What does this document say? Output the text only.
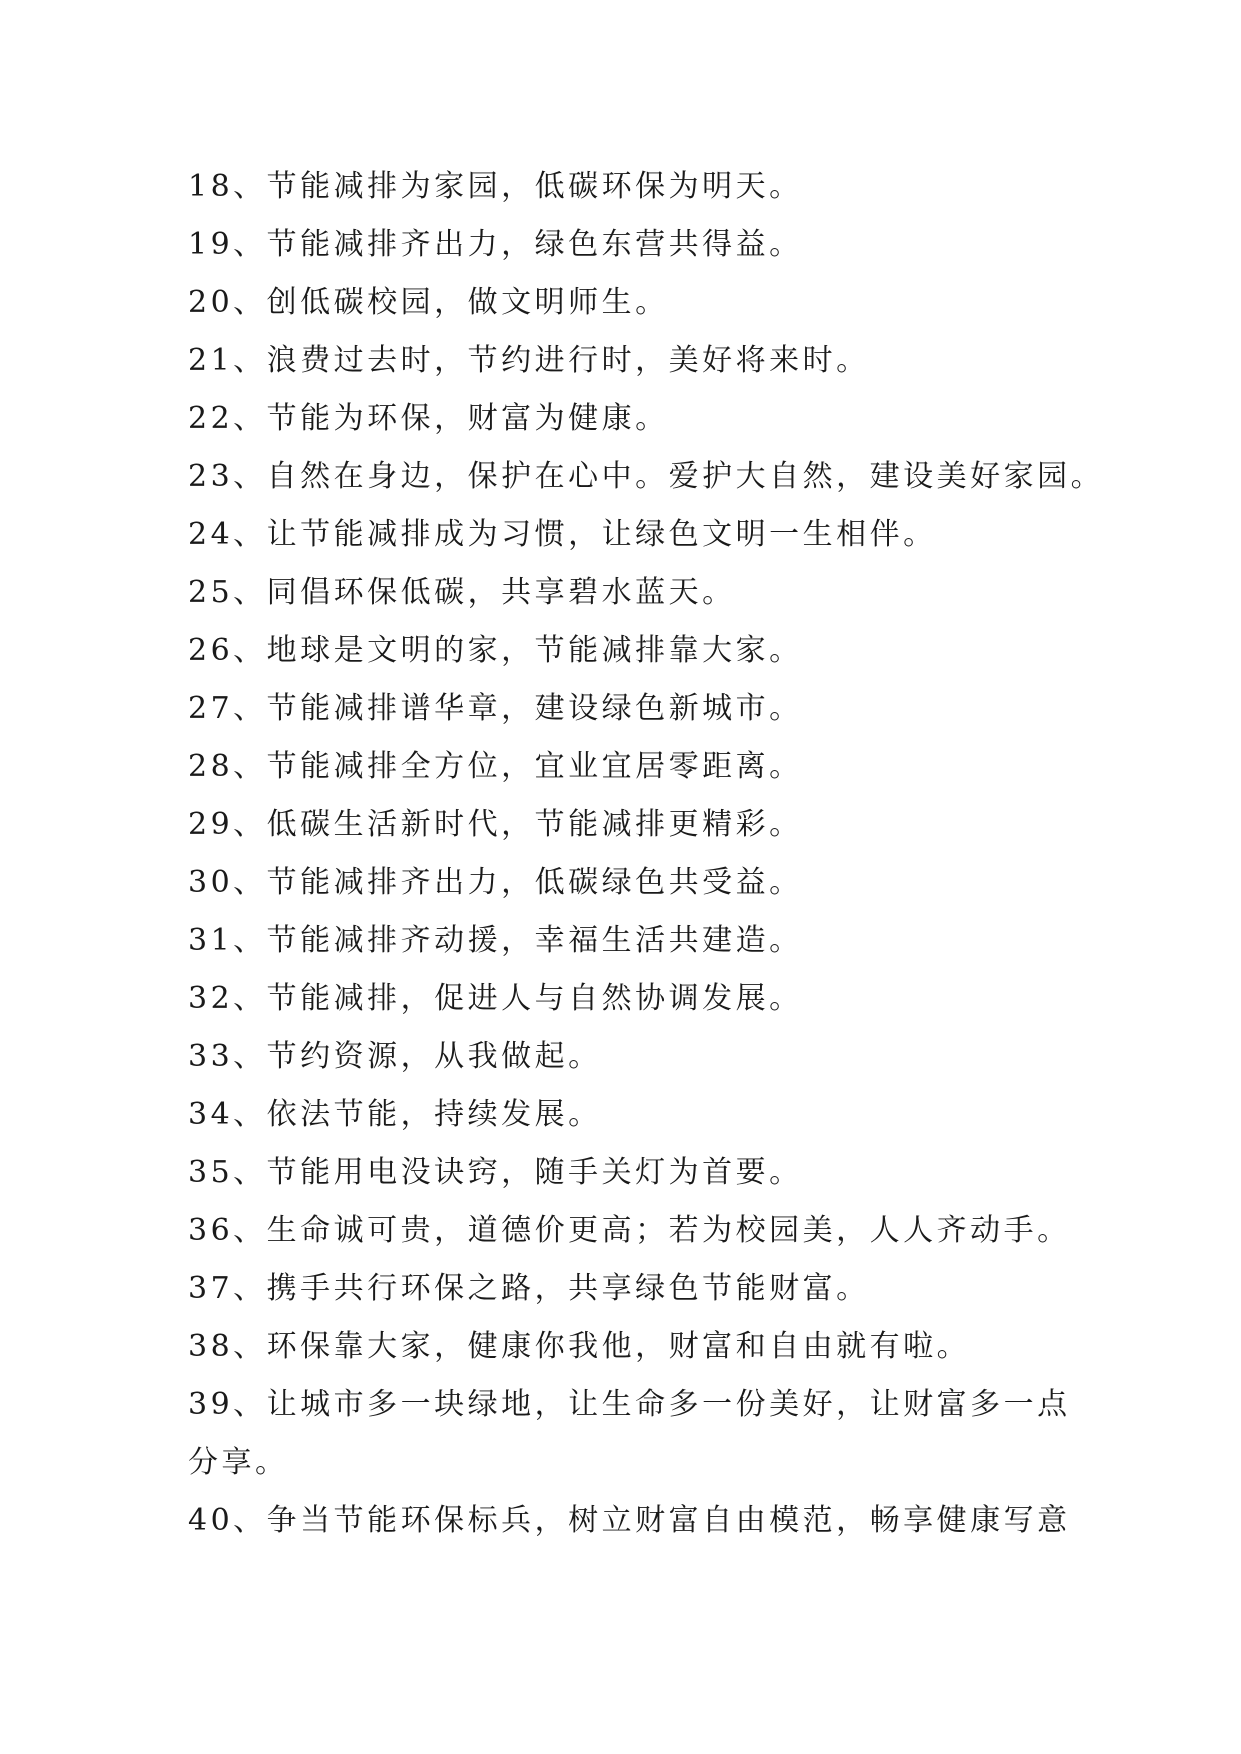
18、节能减排为家园，低碳环保为明天。
19、节能减排齐出力，绿色东营共得益。
20、创低碳校园，做文明师生。
21、浪费过去时，节约进行时，美好将来时。
22、节能为环保，财富为健康。
23、自然在身边，保护在心中。爱护大自然，建设美好家园。
24、让节能减排成为习惯，让绿色文明一生相伴。
25、同倡环保低碳，共享碧水蓝天。
26、地球是文明的家，节能减排靠大家。
27、节能减排谱华章，建设绿色新城市。
28、节能减排全方位，宜业宜居零距离。
29、低碳生活新时代，节能减排更精彩。
30、节能减排齐出力，低碳绿色共受益。
31、节能减排齐动援，幸福生活共建造。
32、节能减排，促进人与自然协调发展。
33、节约资源，从我做起。
34、依法节能，持续发展。
35、节能用电没诀窍，随手关灯为首要。
36、生命诚可贵，道德价更高；若为校园美，人人齐动手。
37、携手共行环保之路，共享绿色节能财富。
38、环保靠大家，健康你我他，财富和自由就有啦。
39、让城市多一块绿地，让生命多一份美好，让财富多一点
分享。
40、争当节能环保标兵，树立财富自由模范，畅享健康写意
